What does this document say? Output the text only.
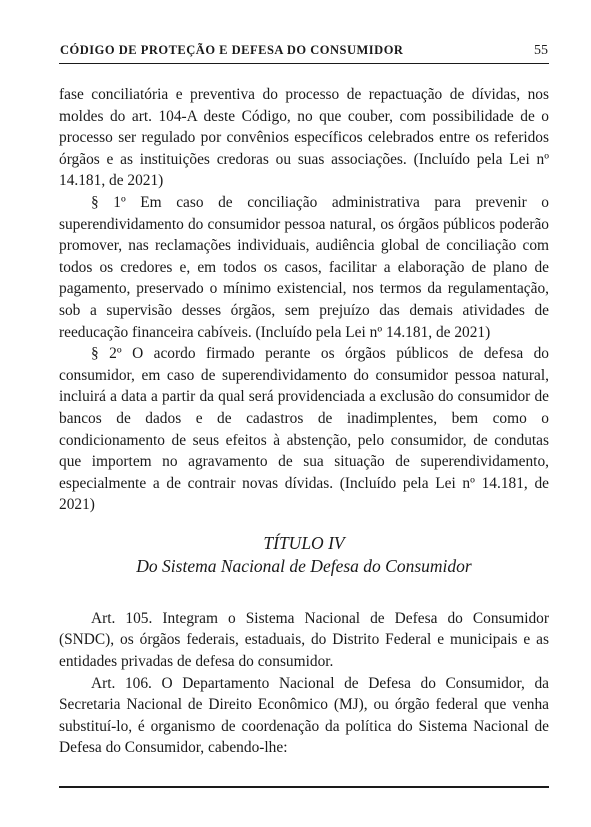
CÓDIGO DE PROTEÇÃO E DEFESA DO CONSUMIDOR	55

fase conciliatória e preventiva do processo de repactuação de dívidas, nos moldes do art. 104-A deste Código, no que couber, com possibilidade de o processo ser regulado por convênios específicos celebrados entre os referidos órgãos e as instituições credoras ou suas associações. (Incluído pela Lei nº 14.181, de 2021)

§ 1º Em caso de conciliação administrativa para prevenir o superendividamento do consumidor pessoa natural, os órgãos públicos poderão promover, nas reclamações individuais, audiência global de conciliação com todos os credores e, em todos os casos, facilitar a elaboração de plano de pagamento, preservado o mínimo existencial, nos termos da regulamentação, sob a supervisão desses órgãos, sem prejuízo das demais atividades de reeducação financeira cabíveis. (Incluído pela Lei nº 14.181, de 2021)

§ 2º O acordo firmado perante os órgãos públicos de defesa do consumidor, em caso de superendividamento do consumidor pessoa natural, incluirá a data a partir da qual será providenciada a exclusão do consumidor de bancos de dados e de cadastros de inadimplentes, bem como o condicionamento de seus efeitos à abstenção, pelo consumidor, de condutas que importem no agravamento de sua situação de superendividamento, especialmente a de contrair novas dívidas. (Incluído pela Lei nº 14.181, de 2021)

TÍTULO IV
Do Sistema Nacional de Defesa do Consumidor

Art. 105. Integram o Sistema Nacional de Defesa do Consumidor (SNDC), os órgãos federais, estaduais, do Distrito Federal e municipais e as entidades privadas de defesa do consumidor.

Art. 106. O Departamento Nacional de Defesa do Consumidor, da Secretaria Nacional de Direito Econômico (MJ), ou órgão federal que venha substituí-lo, é organismo de coordenação da política do Sistema Nacional de Defesa do Consumidor, cabendo-lhe:
